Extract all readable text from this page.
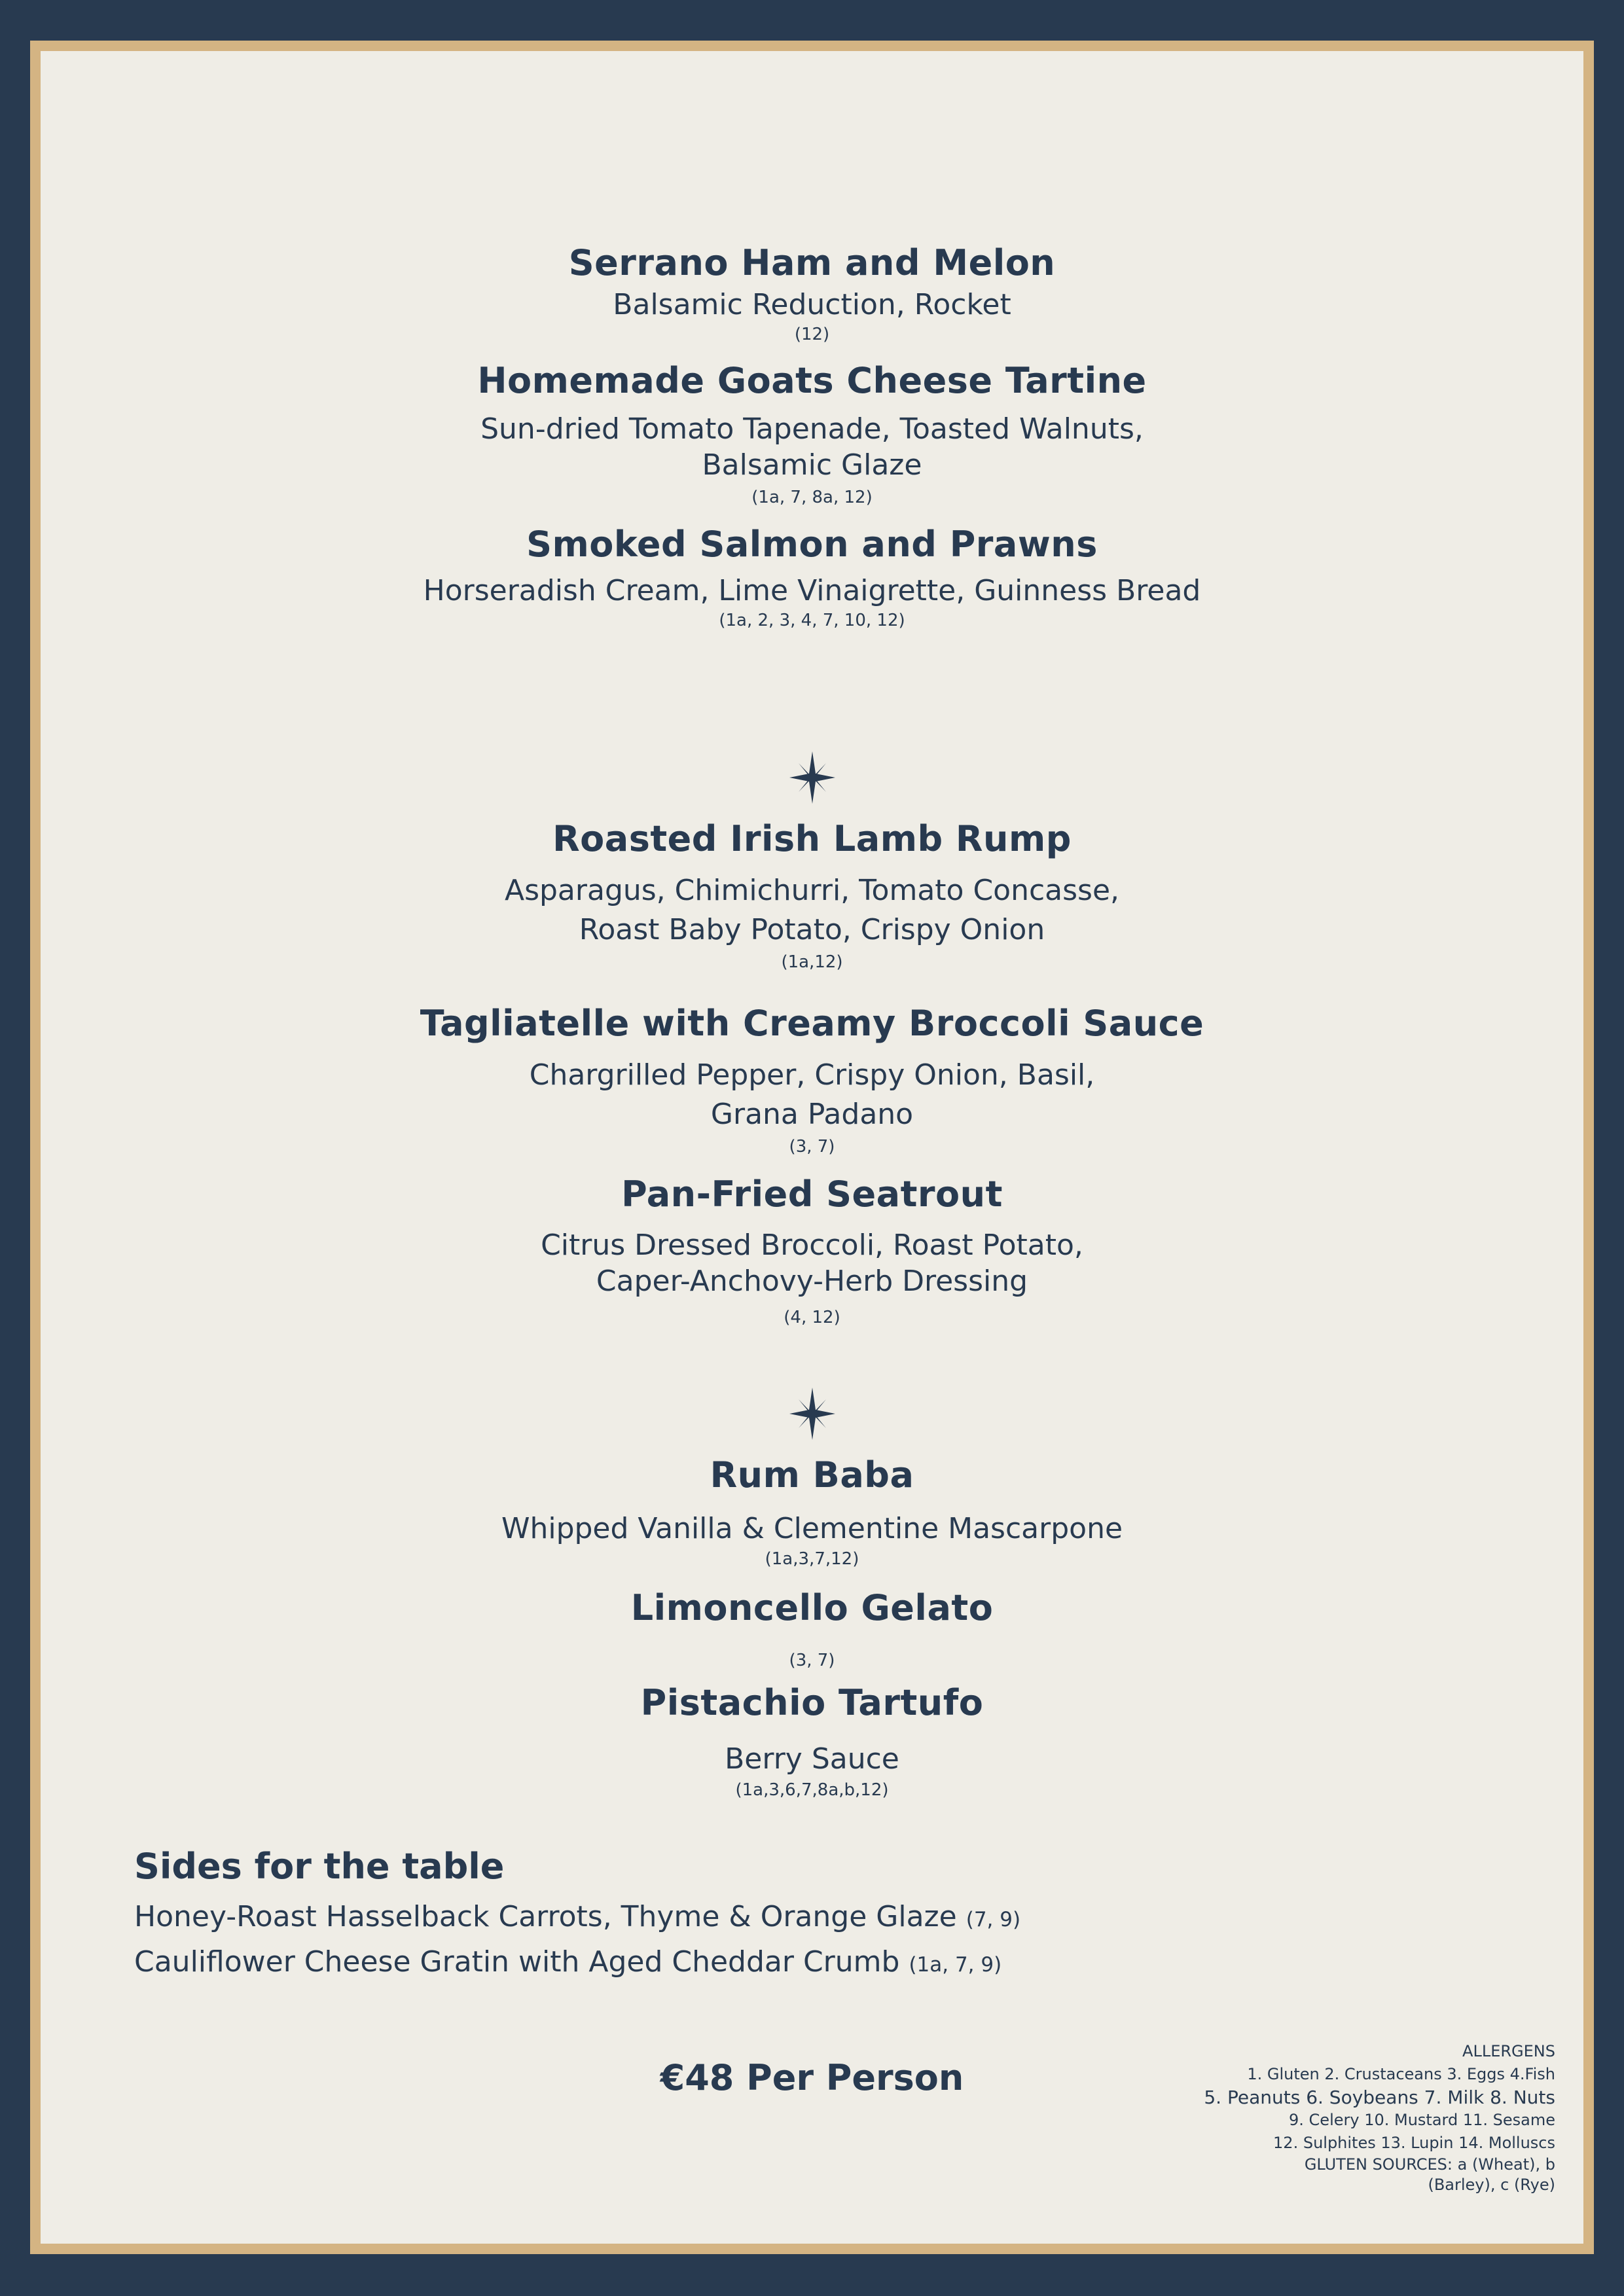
Serrano Ham and Melon
Balsamic Reduction, Rocket
(12)
Homemade Goats Cheese Tartine
Sun-dried Tomato Tapenade, Toasted Walnuts,
Balsamic Glaze
(1a, 7, 8a, 12)
Smoked Salmon and Prawns
Horseradish Cream, Lime Vinaigrette, Guinness Bread
(1a, 2, 3, 4, 7, 10, 12)
Roasted Irish Lamb Rump
Asparagus, Chimichurri, Tomato Concasse,
Roast Baby Potato, Crispy Onion
(1a,12)
Tagliatelle with Creamy Broccoli Sauce
Chargrilled Pepper, Crispy Onion, Basil,
Grana Padano
(3, 7)
Pan-Fried Seatrout
Citrus Dressed Broccoli, Roast Potato,
Caper-Anchovy-Herb Dressing
(4, 12)
Rum Baba
Whipped Vanilla & Clementine Mascarpone
(1a,3,7,12)
Limoncello Gelato
(3, 7)
Pistachio Tartufo
Berry Sauce
(1a,3,6,7,8a,b,12)
Sides for the table
Honey-Roast Hasselback Carrots, Thyme & Orange Glaze (7, 9)
Cauliflower Cheese Gratin with Aged Cheddar Crumb (1a, 7, 9)
€48 Per Person
ALLERGENS
1. Gluten 2. Crustaceans 3. Eggs 4.Fish
5. Peanuts 6. Soybeans 7. Milk 8. Nuts
9. Celery 10. Mustard 11. Sesame
12. Sulphites 13. Lupin 14. Molluscs
GLUTEN SOURCES: a (Wheat), b
(Barley), c (Rye)
